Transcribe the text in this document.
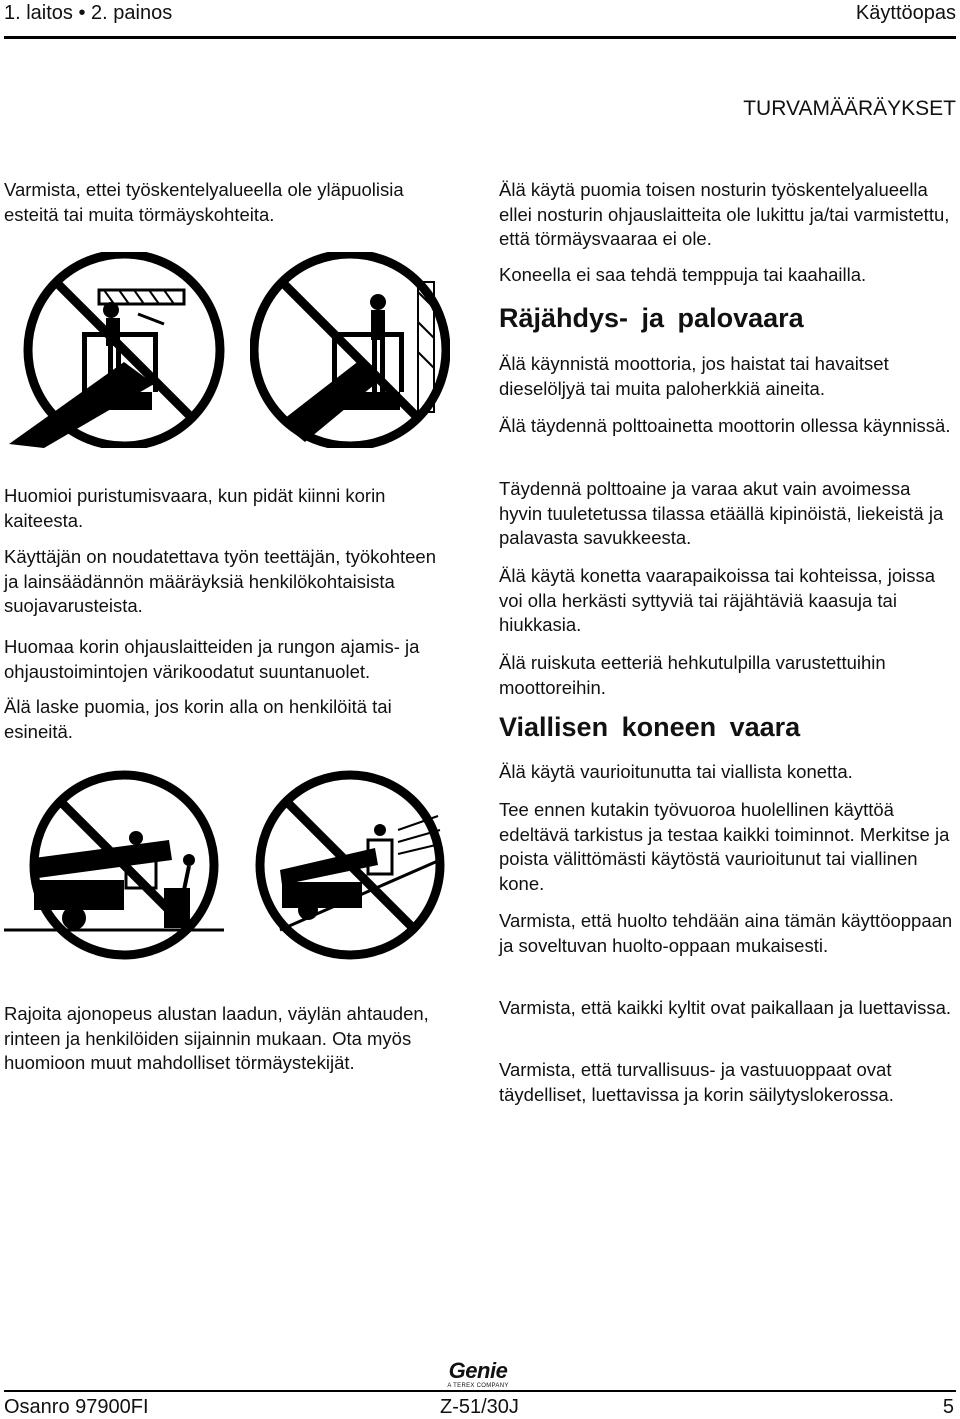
1. laitos • 2. painos	Käyttöopas
TURVAMÄÄRÄYKSET

Varmista, ettei työskentelyalueella ole yläpuolisia esteitä tai muita törmäyskohteita.

Huomioi puristumisvaara, kun pidät kiinni korin kaiteesta.

Käyttäjän on noudatettava työn teettäjän, työkohteen ja lainsäädännön määräyksiä henkilökohtaisista suojavarusteista.

Huomaa korin ohjauslaitteiden ja rungon ajamis- ja ohjaustoimintojen värikoodatut suuntanuolet.

Älä laske puomia, jos korin alla on henkilöitä tai esineitä.

Rajoita ajonopeus alustan laadun, väylän ahtauden, rinteen ja henkilöiden sijainnin mukaan. Ota myös huomioon muut mahdolliset törmäystekijät.

Älä käytä puomia toisen nosturin työskentelyalueella ellei nosturin ohjauslaitteita ole lukittu ja/tai varmistettu, että törmäysvaaraa ei ole.

Koneella ei saa tehdä temppuja tai kaahailla.

Räjähdys- ja palovaara

Älä käynnistä moottoria, jos haistat tai havaitset dieselöljyä tai muita paloherkkiä aineita.

Älä täydennä polttoainetta moottorin ollessa käynnissä.

Täydennä polttoaine ja varaa akut vain avoimessa hyvin tuuletetussa tilassa etäällä kipinöistä, liekeistä ja palavasta savukkeesta.

Älä käytä konetta vaarapaikoissa tai kohteissa, joissa voi olla herkästi syttyviä tai räjähtäviä kaasuja tai hiukkasia.

Älä ruiskuta eetteriä hehkutulpilla varustettuihin moottoreihin.

Viallisen koneen vaara

Älä käytä vaurioitunutta tai viallista konetta.

Tee ennen kutakin työvuoroa huolellinen käyttöä edeltävä tarkistus ja testaa kaikki toiminnot. Merkitse ja poista välittömästi käytöstä vaurioitunut tai viallinen kone.

Varmista, että huolto tehdään aina tämän käyttöoppaan ja soveltuvan huolto-oppaan mukaisesti.

Varmista, että kaikki kyltit ovat paikallaan ja luettavissa.

Varmista, että turvallisuus- ja vastuuoppaat ovat täydelliset, luettavissa ja korin säilytyslokerossa.

Genie
A TEREX COMPANY
Osanro 97900FI	Z-51/30J	5
